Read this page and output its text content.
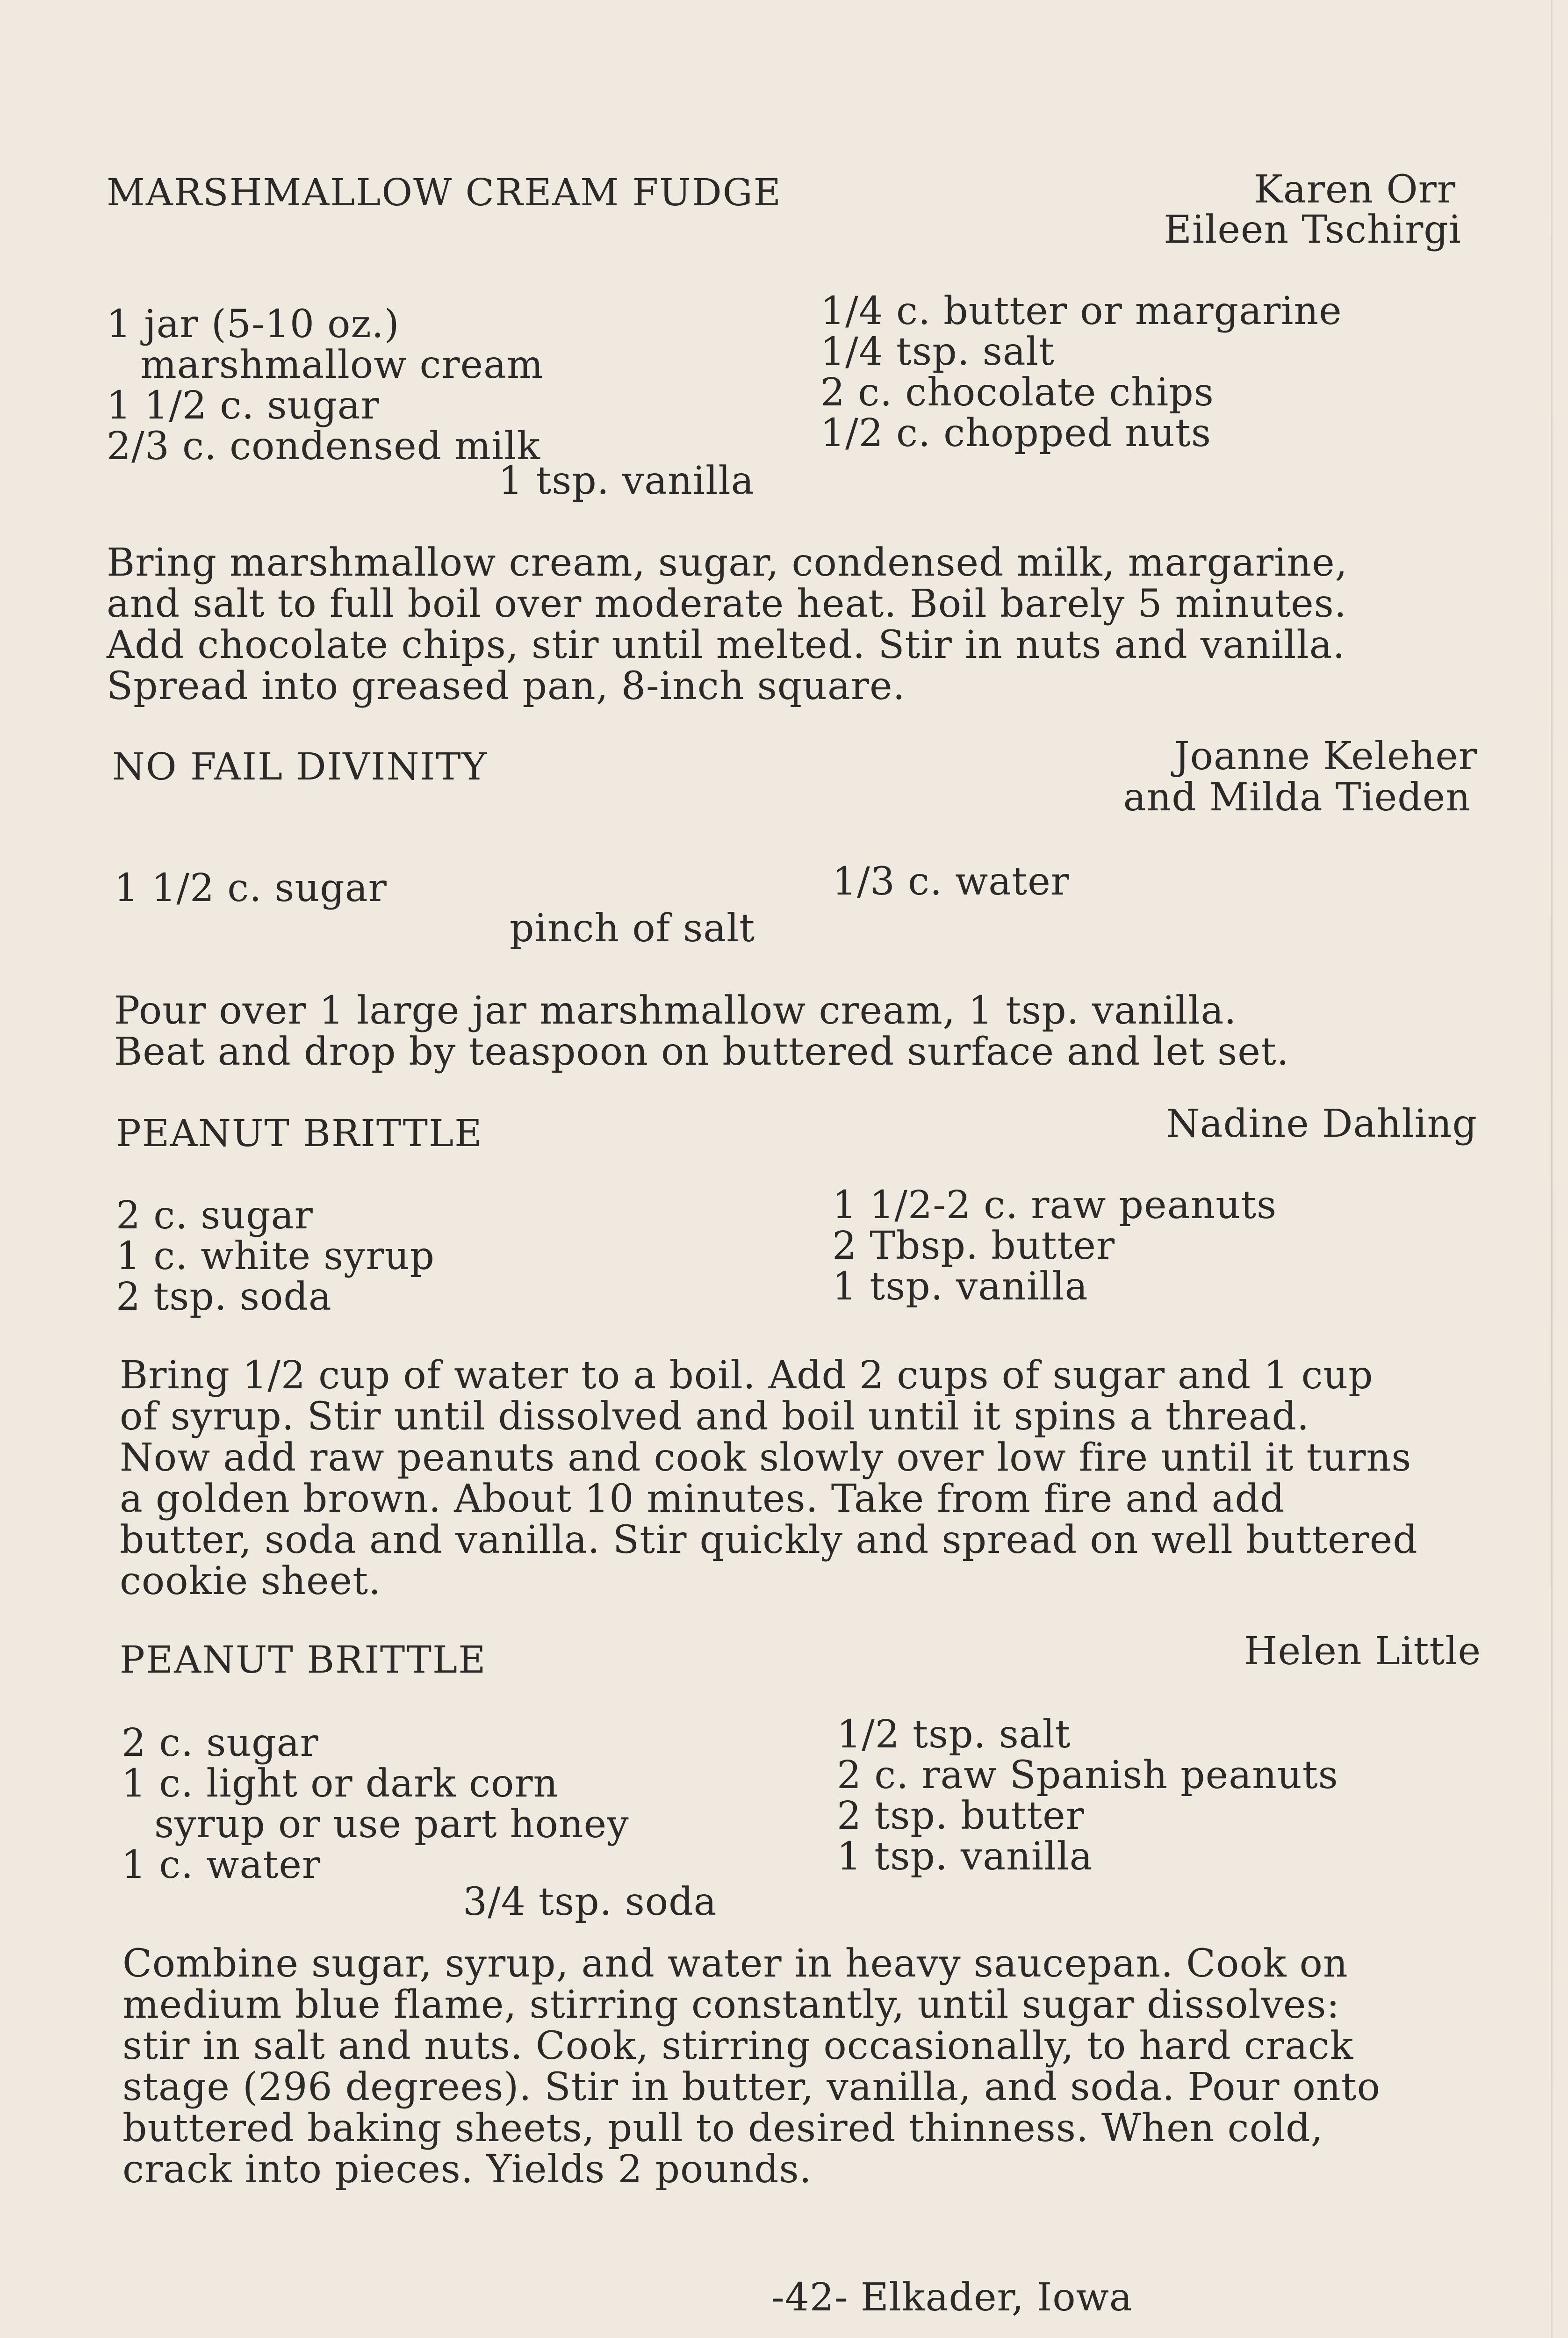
MARSHMALLOW CREAM FUDGE	Karen Orr
Eileen Tschirgi
1 jar (5-10 oz.)
marshmallow cream
1 1/2 c. sugar
2/3 c. condensed milk
1/4 c. butter or margarine
1/4 tsp. salt
2 c. chocolate chips
1/2 c. chopped nuts
1 tsp. vanilla
Bring marshmallow cream, sugar, condensed milk, margarine,
and salt to full boil over moderate heat. Boil barely 5 minutes.
Add chocolate chips, stir until melted. Stir in nuts and vanilla.
Spread into greased pan, 8-inch square.
NO FAIL DIVINITY	Joanne Keleher
and Milda Tieden
1 1/2 c. sugar	1/3 c. water
pinch of salt
Pour over 1 large jar marshmallow cream, 1 tsp. vanilla.
Beat and drop by teaspoon on buttered surface and let set.
PEANUT BRITTLE	Nadine Dahling
2 c. sugar
1 c. white syrup
2 tsp. soda
1 1/2-2 c. raw peanuts
2 Tbsp. butter
1 tsp. vanilla
Bring 1/2 cup of water to a boil. Add 2 cups of sugar and 1 cup
of syrup. Stir until dissolved and boil until it spins a thread.
Now add raw peanuts and cook slowly over low fire until it turns
a golden brown. About 10 minutes. Take from fire and add
butter, soda and vanilla. Stir quickly and spread on well buttered
cookie sheet.
PEANUT BRITTLE	Helen Little
2 c. sugar
1 c. light or dark corn
syrup or use part honey
1 c. water
1/2 tsp. salt
2 c. raw Spanish peanuts
2 tsp. butter
1 tsp. vanilla
3/4 tsp. soda
Combine sugar, syrup, and water in heavy saucepan. Cook on
medium blue flame, stirring constantly, until sugar dissolves:
stir in salt and nuts. Cook, stirring occasionally, to hard crack
stage (296 degrees). Stir in butter, vanilla, and soda. Pour onto
buttered baking sheets, pull to desired thinness. When cold,
crack into pieces. Yields 2 pounds.
-42- Elkader, Iowa
